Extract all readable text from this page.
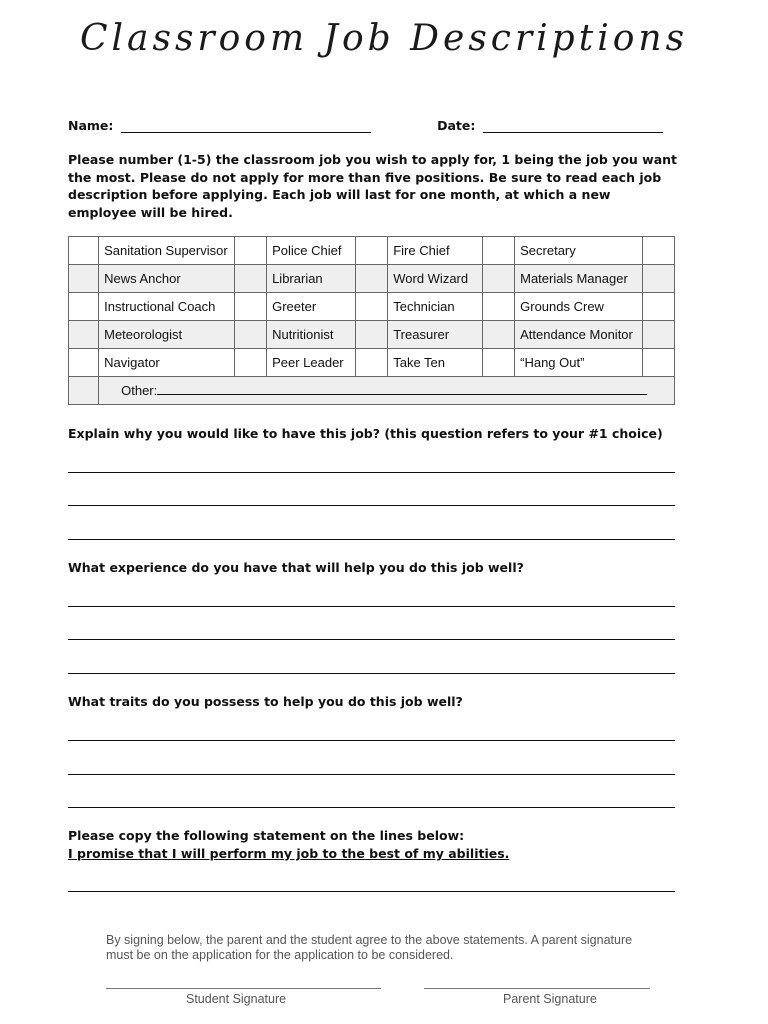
Classroom Job Descriptions
Name:	Date:
Please number (1-5) the classroom job you wish to apply for, 1 being the job you want the most. Please do not apply for more than five positions. Be sure to read each job description before applying. Each job will last for one month, at which a new employee will be hired.
	Sanitation Supervisor		Police Chief		Fire Chief		Secretary	
	News Anchor		Librarian		Word Wizard		Materials Manager	
	Instructional Coach		Greeter		Technician		Grounds Crew	
	Meteorologist		Nutritionist		Treasurer		Attendance Monitor	
	Navigator		Peer Leader		Take Ten		“Hang Out”	
	Other:							
Explain why you would like to have this job? (this question refers to your #1 choice)
What experience do you have that will help you do this job well?
What traits do you possess to help you do this job well?
Please copy the following statement on the lines below:
I promise that I will perform my job to the best of my abilities.
By signing below, the parent and the student agree to the above statements. A parent signature must be on the application for the application to be considered.
Student Signature	Parent Signature
